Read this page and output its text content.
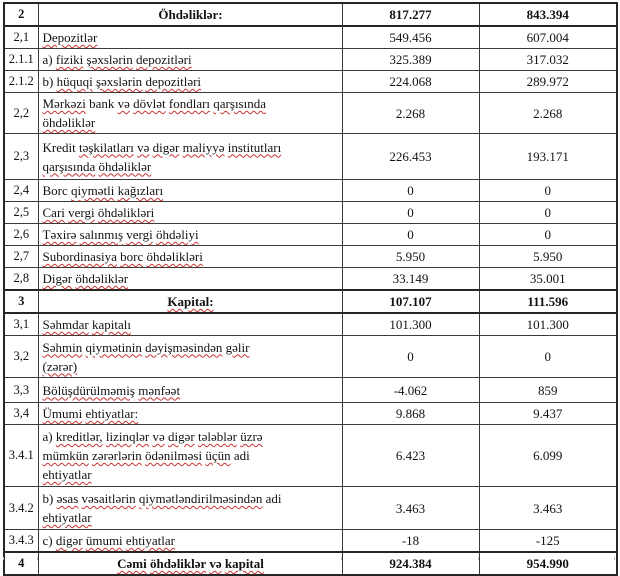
2	Öhdəliklər:	817.277	843.394
2,1	Depozitlər	549.456	607.004
2.1.1	a) fiziki şəxslərin depozitləri	325.389	317.032
2.1.2	b) hüquqi şəxslərin depozitləri	224.068	289.972
2,2	Mərkəzi bank və dövlət fondları qarşısında
öhdəliklər	2.268	2.268
2,3	Kredit təşkilatları və digər maliyyə institutları
qarşısında öhdəliklər	226.453	193.171
2,4	Borc qiymətli kağızları	0	0
2,5	Cari vergi öhdəlikləri	0	0
2,6	Təxirə salınmış vergi öhdəliyi	0	0
2,7	Subordinasiya borc öhdəlikləri	5.950	5.950
2,8	Digər öhdəliklər	33.149	35.001
3	Kapital:	107.107	111.596
3,1	Səhmdar kapitalı	101.300	101.300
3,2	Səhmin qiymətinin dəyişməsindən gəlir
(zərər)	0	0
3,3	Bölüşdürülməmiş mənfəət	-4.062	859
3,4	Ümumi ehtiyatlar:	9.868	9.437
3.4.1	a) kreditlər, lizinqlər və digər tələblər üzrə
mümkün zərərlərin ödənilməsi üçün adi
ehtiyatlar	6.423	6.099
3.4.2	b) əsas vəsaitlərin qiymətləndirilməsindən adi
ehtiyatlar	3.463	3.463
3.4.3	c) digər ümumi ehtiyatlar	-18	-125
4	Cəmi öhdəliklər və kapital	924.384	954.990
